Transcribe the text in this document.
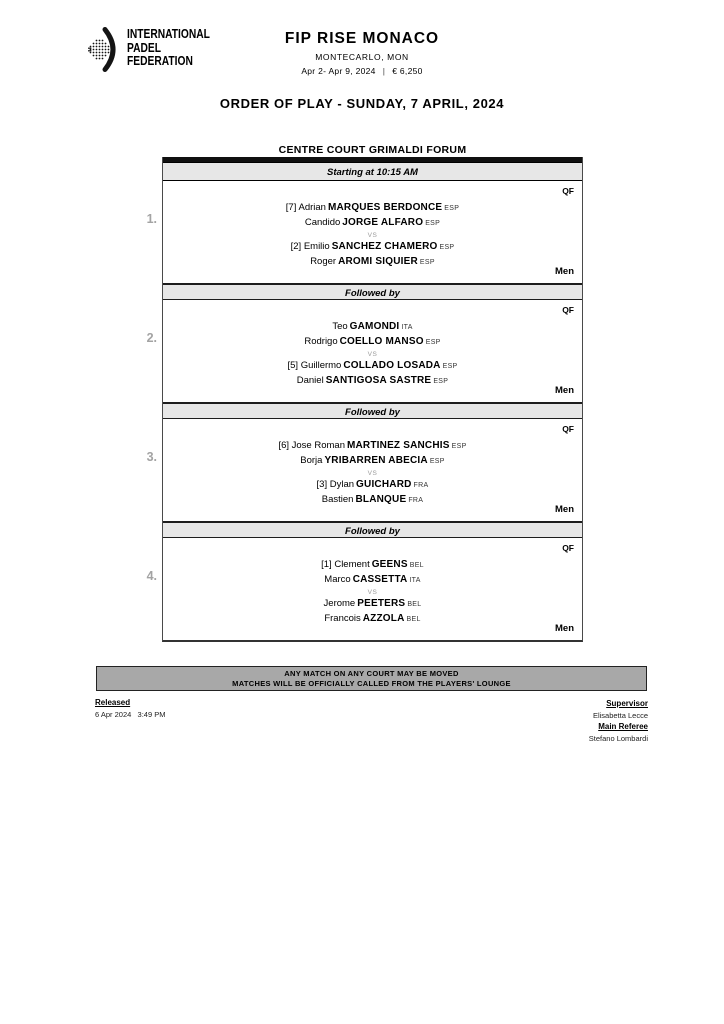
INTERNATIONAL
PADEL
FEDERATION
FIP RISE MONACO
MONTECARLO, MON
Apr 2- Apr 9, 2024 | € 6,250
ORDER OF PLAY - SUNDAY, 7 APRIL, 2024
CENTRE COURT GRIMALDI FORUM
Starting at 10:15 AM
1.
QF
[7] Adrian MARQUES BERDONCE ESP
Candido JORGE ALFARO ESP
VS
[2] Emilio SANCHEZ CHAMERO ESP
Roger AROMI SIQUIER ESP
Men
Followed by
2.
QF
Teo GAMONDI ITA
Rodrigo COELLO MANSO ESP
VS
[5] Guillermo COLLADO LOSADA ESP
Daniel SANTIGOSA SASTRE ESP
Men
Followed by
3.
QF
[6] Jose Roman MARTINEZ SANCHIS ESP
Borja YRIBARREN ABECIA ESP
VS
[3] Dylan GUICHARD FRA
Bastien BLANQUE FRA
Men
Followed by
4.
QF
[1] Clement GEENS BEL
Marco CASSETTA ITA
VS
Jerome PEETERS BEL
Francois AZZOLA BEL
Men
ANY MATCH ON ANY COURT MAY BE MOVED
MATCHES WILL BE OFFICIALLY CALLED FROM THE PLAYERS' LOUNGE
Released
6 Apr 2024   3:49 PM
Supervisor
Elisabetta Lecce
Main Referee
Stefano Lombardi
